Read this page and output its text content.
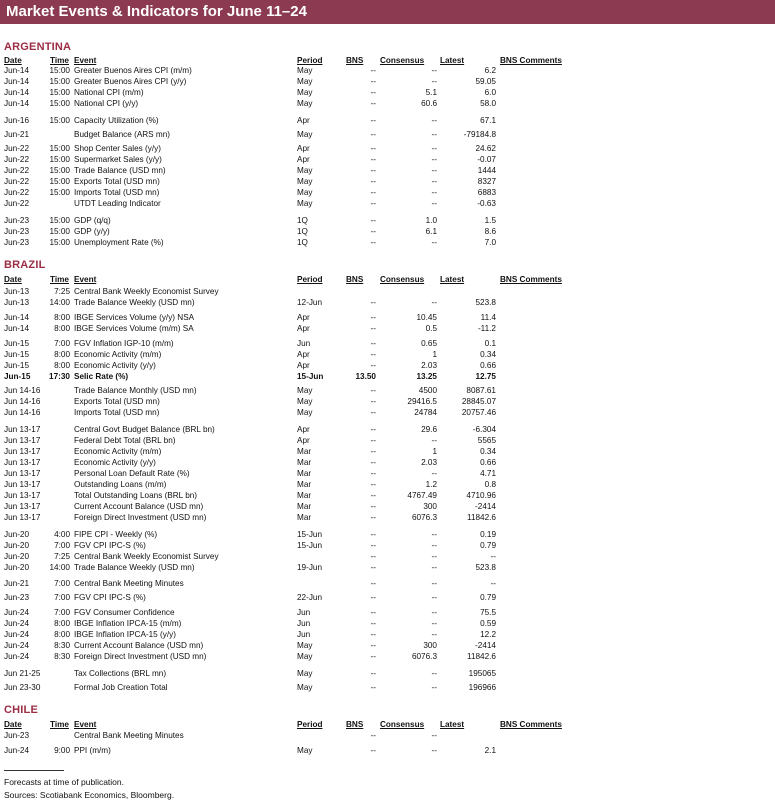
Market Events & Indicators for June 11–24
ARGENTINA
Date	Time Event	Period	BNS Consensus Latest	BNS Comments
Jun-14 15:00 Greater Buenos Aires CPI (m/m)	May	--	--	6.2
Jun-14 15:00 Greater Buenos Aires CPI (y/y)	May	--	--	59.05
Jun-14 15:00 National CPI (m/m)	May	--	5.1	6.0
Jun-14 15:00 National CPI (y/y)	May	--	60.6	58.0
Jun-16 15:00 Capacity Utilization (%)	Apr	--	--	67.1
Jun-21	Budget Balance (ARS mn)	May	--	--	-79184.8
Jun-22 15:00 Shop Center Sales (y/y)	Apr	--	--	24.62
Jun-22 15:00 Supermarket Sales (y/y)	Apr	--	--	-0.07
Jun-22 15:00 Trade Balance (USD mn)	May	--	--	1444
Jun-22 15:00 Exports Total (USD mn)	May	--	--	8327
Jun-22 15:00 Imports Total (USD mn)	May	--	--	6883
Jun-22	UTDT Leading Indicator	May	--	--	-0.63
Jun-23 15:00 GDP (q/q)	1Q	--	1.0	1.5
Jun-23 15:00 GDP (y/y)	1Q	--	6.1	8.6
Jun-23 15:00 Unemployment Rate (%)	1Q	--	--	7.0
BRAZIL
Date	Time Event	Period	BNS Consensus Latest	BNS Comments
Jun-13	7:25 Central Bank Weekly Economist Survey
Jun-13 14:00 Trade Balance Weekly (USD mn)	12-Jun	--	--	523.8
Jun-14	8:00 IBGE Services Volume (y/y) NSA	Apr	--	10.45	11.4
Jun-14	8:00 IBGE Services Volume (m/m) SA	Apr	--	0.5	-11.2
Jun-15	7:00 FGV Inflation IGP-10 (m/m)	Jun	--	0.65	0.1
Jun-15	8:00 Economic Activity (m/m)	Apr	--	1	0.34
Jun-15	8:00 Economic Activity (y/y)	Apr	--	2.03	0.66
Jun-15 17:30 Selic Rate (%)	15-Jun	13.50	13.25	12.75
Jun 14-16	Trade Balance Monthly (USD mn)	May	--	4500	8087.61
Jun 14-16	Exports Total (USD mn)	May	--	29416.5	28845.07
Jun 14-16	Imports Total (USD mn)	May	--	24784	20757.46
Jun 13-17	Central Govt Budget Balance (BRL bn)	Apr	--	29.6	-6.304
Jun 13-17	Federal Debt Total (BRL bn)	Apr	--	--	5565
Jun 13-17	Economic Activity (m/m)	Mar	--	1	0.34
Jun 13-17	Economic Activity (y/y)	Mar	--	2.03	0.66
Jun 13-17	Personal Loan Default Rate (%)	Mar	--	--	4.71
Jun 13-17	Outstanding Loans (m/m)	Mar	--	1.2	0.8
Jun 13-17	Total Outstanding Loans (BRL bn)	Mar	--	4767.49	4710.96
Jun 13-17	Current Account Balance (USD mn)	Mar	--	300	-2414
Jun 13-17	Foreign Direct Investment (USD mn)	Mar	--	6076.3	11842.6
Jun-20	4:00 FIPE CPI - Weekly (%)	15-Jun	--	--	0.19
Jun-20	7:00 FGV CPI IPC-S (%)	15-Jun	--	--	0.79
Jun-20	7:25 Central Bank Weekly Economist Survey	--	--	--
Jun-20 14:00 Trade Balance Weekly (USD mn)	19-Jun	--	--	523.8
Jun-21	7:00 Central Bank Meeting Minutes	--	--	--
Jun-23	7:00 FGV CPI IPC-S (%)	22-Jun	--	--	0.79
Jun-24	7:00 FGV Consumer Confidence	Jun	--	--	75.5
Jun-24	8:00 IBGE Inflation IPCA-15 (m/m)	Jun	--	--	0.59
Jun-24	8:00 IBGE Inflation IPCA-15 (y/y)	Jun	--	--	12.2
Jun-24	8:30 Current Account Balance (USD mn)	May	--	300	-2414
Jun-24	8:30 Foreign Direct Investment (USD mn)	May	--	6076.3	11842.6
Jun 21-25	Tax Collections (BRL mn)	May	--	--	195065
Jun 23-30	Formal Job Creation Total	May	--	--	196966
CHILE
Date	Time Event	Period	BNS Consensus Latest	BNS Comments
Jun-23	Central Bank Meeting Minutes	--	--
Jun-24	9:00 PPI (m/m)	May	--	--	2.1
Forecasts at time of publication.
Sources: Scotiabank Economics, Bloomberg.
